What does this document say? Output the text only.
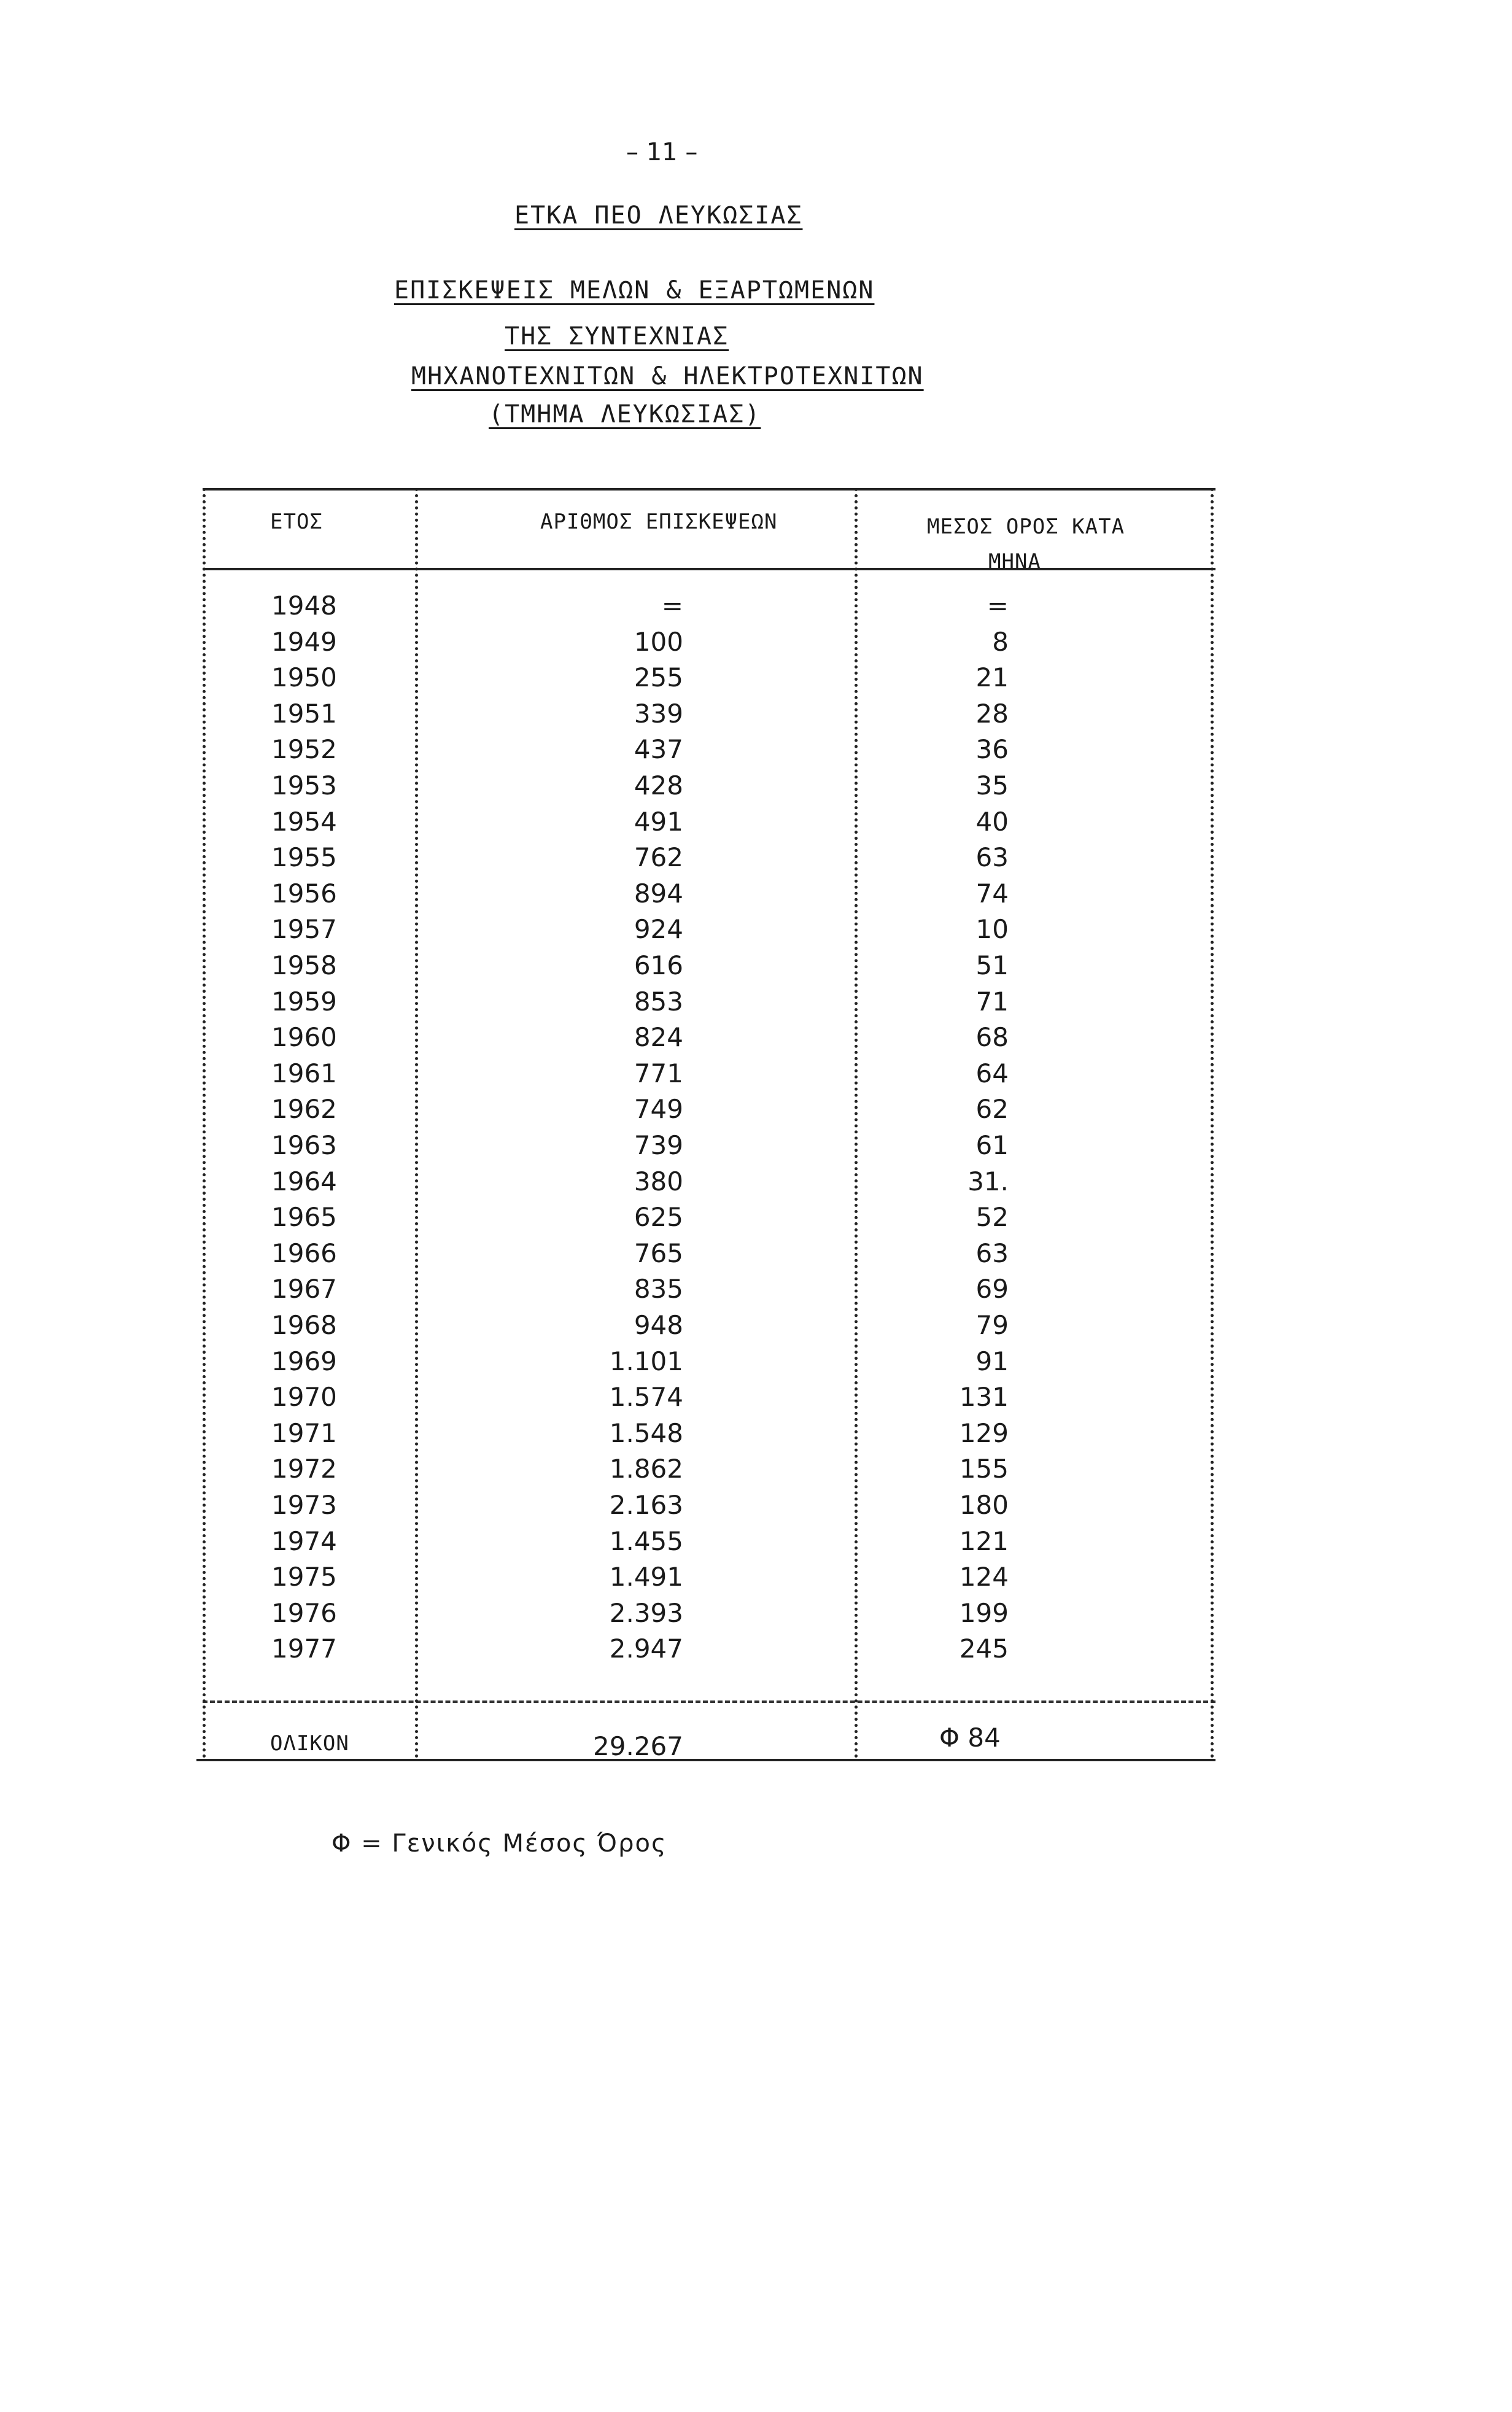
– 11 –
ΕΤΚΑ ΠΕΟ ΛΕΥΚΩΣΙΑΣ
ΕΠΙΣΚΕΨΕΙΣ ΜΕΛΩΝ & ΕΞΑΡΤΩΜΕΝΩΝ
ΤΗΣ ΣΥΝΤΕΧΝΙΑΣ
ΜΗΧΑΝΟΤΕΧΝΙΤΩΝ & ΗΛΕΚΤΡΟΤΕΧΝΙΤΩΝ
(ΤΜΗΜΑ ΛΕΥΚΩΣΙΑΣ)
ΕΤΟΣ	ΑΡΙΘΜΟΣ ΕΠΙΣΚΕΨΕΩΝ	ΜΕΣΟΣ ΟΡΟΣ ΚΑΤΑ
ΜΗΝΑ
1948	=	=
1949	100	8
1950	255	21
1951	339	28
1952	437	36
1953	428	35
1954	491	40
1955	762	63
1956	894	74
1957	924	10
1958	616	51
1959	853	71
1960	824	68
1961	771	64
1962	749	62
1963	739	61
1964	380	31.
1965	625	52
1966	765	63
1967	835	69
1968	948	79
1969	1.101	91
1970	1.574	131
1971	1.548	129
1972	1.862	155
1973	2.163	180
1974	1.455	121
1975	1.491	124
1976	2.393	199
1977	2.947	245
ΟΛΙΚΟΝ	29.267	Φ 84
Φ = Γενικός Μέσος Όρος
